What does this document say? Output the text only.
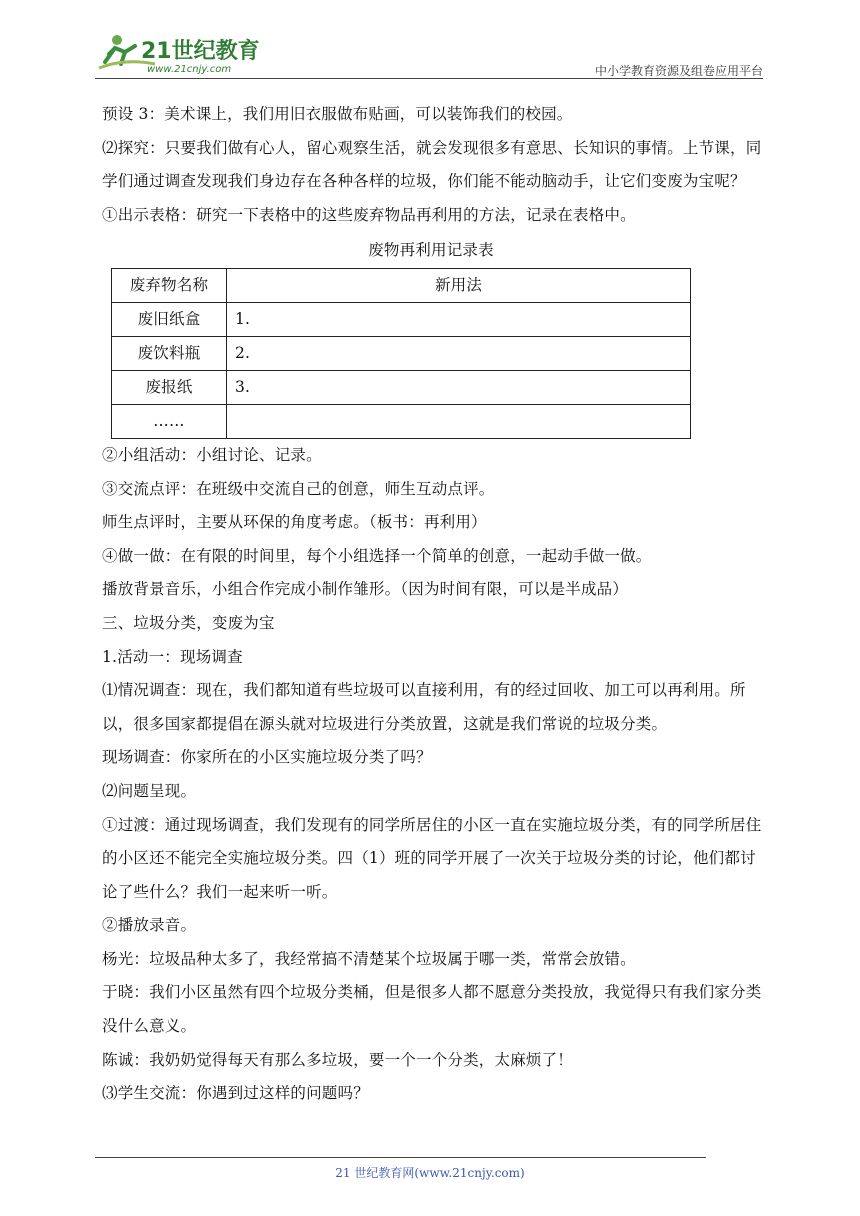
21世纪教育
www.21cnjy.com	中小学教育资源及组卷应用平台

预设 3：美术课上，我们用旧衣服做布贴画，可以装饰我们的校园。

⑵探究：只要我们做有心人，留心观察生活，就会发现很多有意思、长知识的事情。上节课，同学们通过调查发现我们身边存在各种各样的垃圾，你们能不能动脑动手，让它们变废为宝呢？

①出示表格：研究一下表格中的这些废弃物品再利用的方法，记录在表格中。

废物再利用记录表
废弃物名称	新用法
废旧纸盒	1.
废饮料瓶	2.
废报纸	3.
……	

②小组活动：小组讨论、记录。

③交流点评：在班级中交流自己的创意，师生互动点评。

师生点评时，主要从环保的角度考虑。（板书：再利用）

④做一做：在有限的时间里，每个小组选择一个简单的创意，一起动手做一做。

播放背景音乐，小组合作完成小制作雏形。（因为时间有限，可以是半成品）

三、垃圾分类，变废为宝

1.活动一：现场调查

⑴情况调查：现在，我们都知道有些垃圾可以直接利用，有的经过回收、加工可以再利用。所以，很多国家都提倡在源头就对垃圾进行分类放置，这就是我们常说的垃圾分类。

现场调查：你家所在的小区实施垃圾分类了吗？

⑵问题呈现。

①过渡：通过现场调查，我们发现有的同学所居住的小区一直在实施垃圾分类，有的同学所居住的小区还不能完全实施垃圾分类。四（1）班的同学开展了一次关于垃圾分类的讨论，他们都讨论了些什么？我们一起来听一听。

②播放录音。

杨光：垃圾品种太多了，我经常搞不清楚某个垃圾属于哪一类，常常会放错。

于晓：我们小区虽然有四个垃圾分类桶，但是很多人都不愿意分类投放，我觉得只有我们家分类没什么意义。

陈诚：我奶奶觉得每天有那么多垃圾，要一个一个分类，太麻烦了！

⑶学生交流：你遇到过这样的问题吗？

21 世纪教育网(www.21cnjy.com)
